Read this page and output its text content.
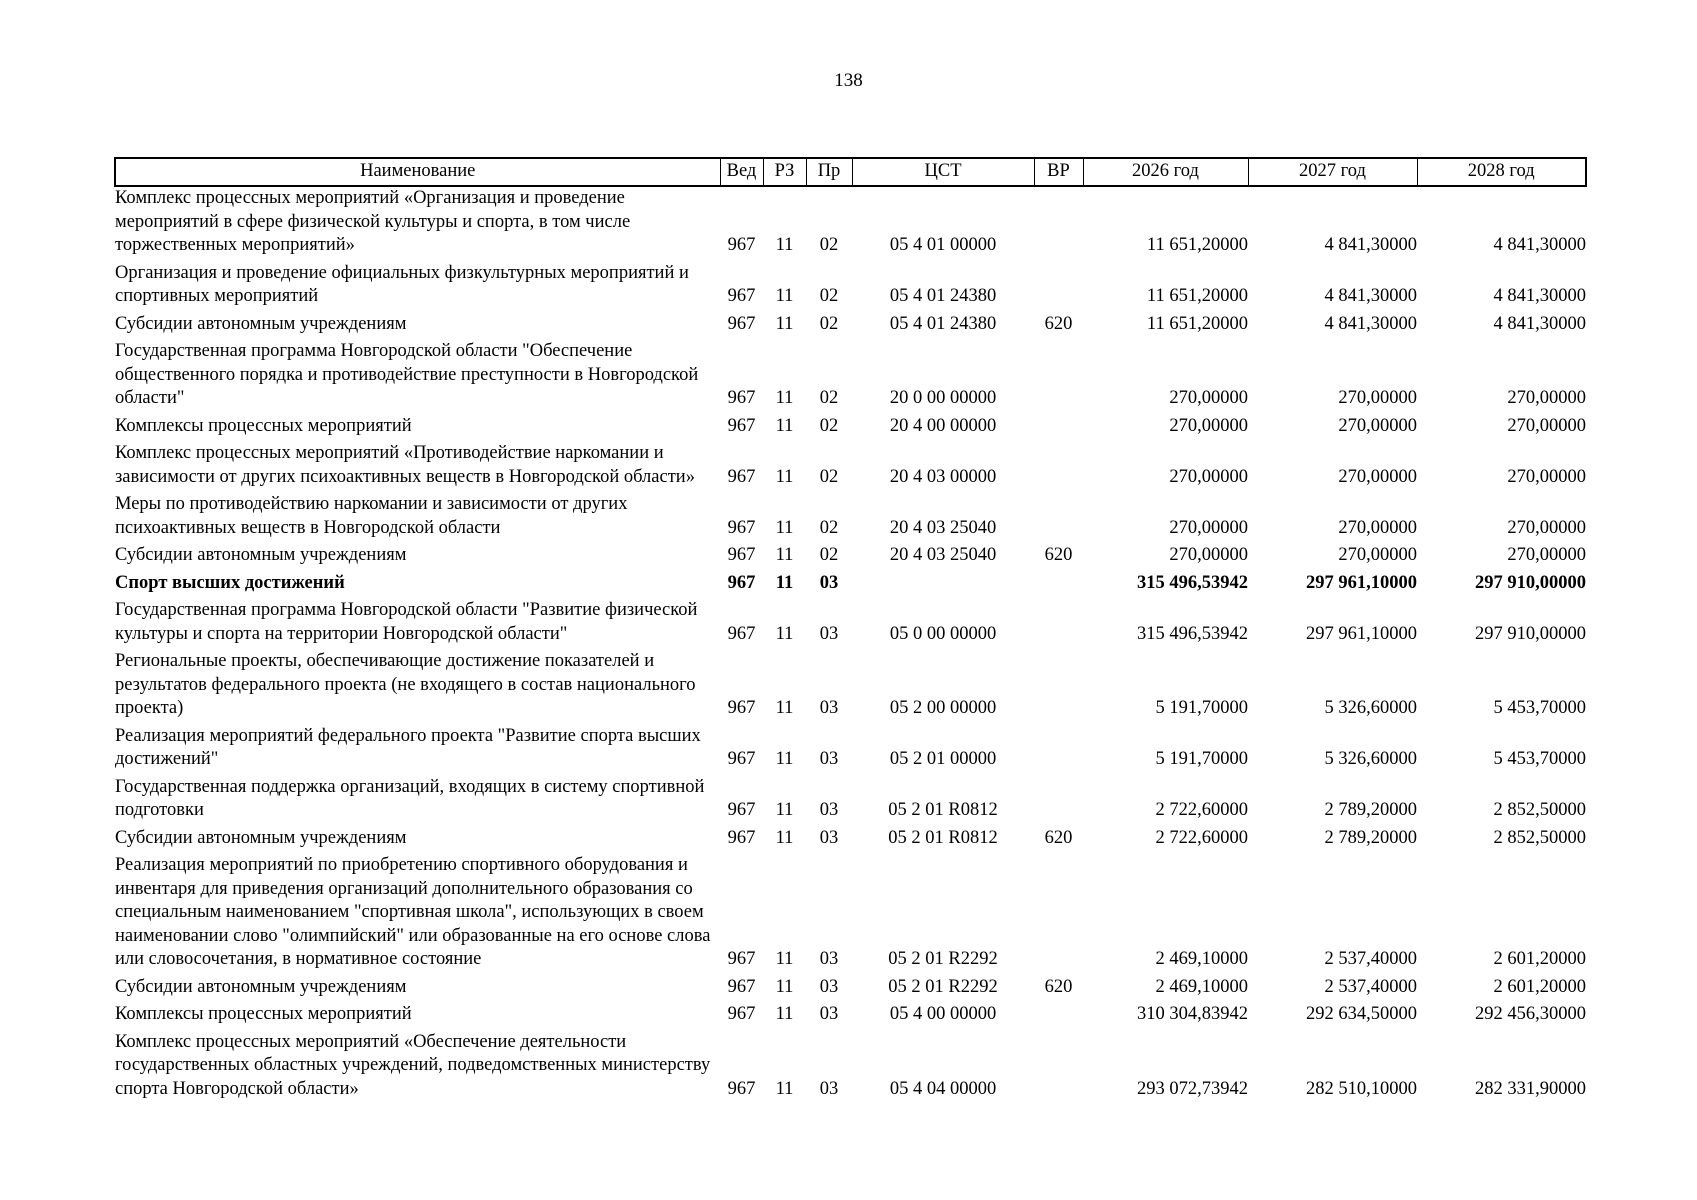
138
Наименование	Вед	РЗ	Пр	ЦСТ	ВР	2026 год	2027 год	2028 год
Комплекс процессных мероприятий «Организация и проведение мероприятий в сфере физической культуры и спорта, в том числе торжественных мероприятий»	967	11	02	05 4 01 00000		11 651,20000	4 841,30000	4 841,30000
Организация и проведение официальных физкультурных мероприятий и спортивных мероприятий	967	11	02	05 4 01 24380		11 651,20000	4 841,30000	4 841,30000
Субсидии автономным учреждениям	967	11	02	05 4 01 24380	620	11 651,20000	4 841,30000	4 841,30000
Государственная программа Новгородской области "Обеспечение общественного порядка и противодействие преступности в Новгородской области"	967	11	02	20 0 00 00000		270,00000	270,00000	270,00000
Комплексы процессных мероприятий	967	11	02	20 4 00 00000		270,00000	270,00000	270,00000
Комплекс процессных мероприятий «Противодействие наркомании и зависимости от других психоактивных веществ в Новгородской области»	967	11	02	20 4 03 00000		270,00000	270,00000	270,00000
Меры по противодействию наркомании и зависимости от других психоактивных веществ в Новгородской области	967	11	02	20 4 03 25040		270,00000	270,00000	270,00000
Субсидии автономным учреждениям	967	11	02	20 4 03 25040	620	270,00000	270,00000	270,00000
Спорт высших достижений	967	11	03			315 496,53942	297 961,10000	297 910,00000
Государственная программа Новгородской области "Развитие физической культуры и спорта на территории Новгородской области"	967	11	03	05 0 00 00000		315 496,53942	297 961,10000	297 910,00000
Региональные проекты, обеспечивающие достижение показателей и результатов федерального проекта (не входящего в состав национального проекта)	967	11	03	05 2 00 00000		5 191,70000	5 326,60000	5 453,70000
Реализация мероприятий федерального проекта "Развитие спорта высших достижений"	967	11	03	05 2 01 00000		5 191,70000	5 326,60000	5 453,70000
Государственная поддержка организаций, входящих в систему спортивной подготовки	967	11	03	05 2 01 R0812		2 722,60000	2 789,20000	2 852,50000
Субсидии автономным учреждениям	967	11	03	05 2 01 R0812	620	2 722,60000	2 789,20000	2 852,50000
Реализация мероприятий по приобретению спортивного оборудования и инвентаря для приведения организаций дополнительного образования со специальным наименованием "спортивная школа", использующих в своем наименовании слово "олимпийский" или образованные на его основе слова или словосочетания, в нормативное состояние	967	11	03	05 2 01 R2292		2 469,10000	2 537,40000	2 601,20000
Субсидии автономным учреждениям	967	11	03	05 2 01 R2292	620	2 469,10000	2 537,40000	2 601,20000
Комплексы процессных мероприятий	967	11	03	05 4 00 00000		310 304,83942	292 634,50000	292 456,30000
Комплекс процессных мероприятий «Обеспечение деятельности государственных областных учреждений, подведомственных министерству спорта Новгородской области»	967	11	03	05 4 04 00000		293 072,73942	282 510,10000	282 331,90000
